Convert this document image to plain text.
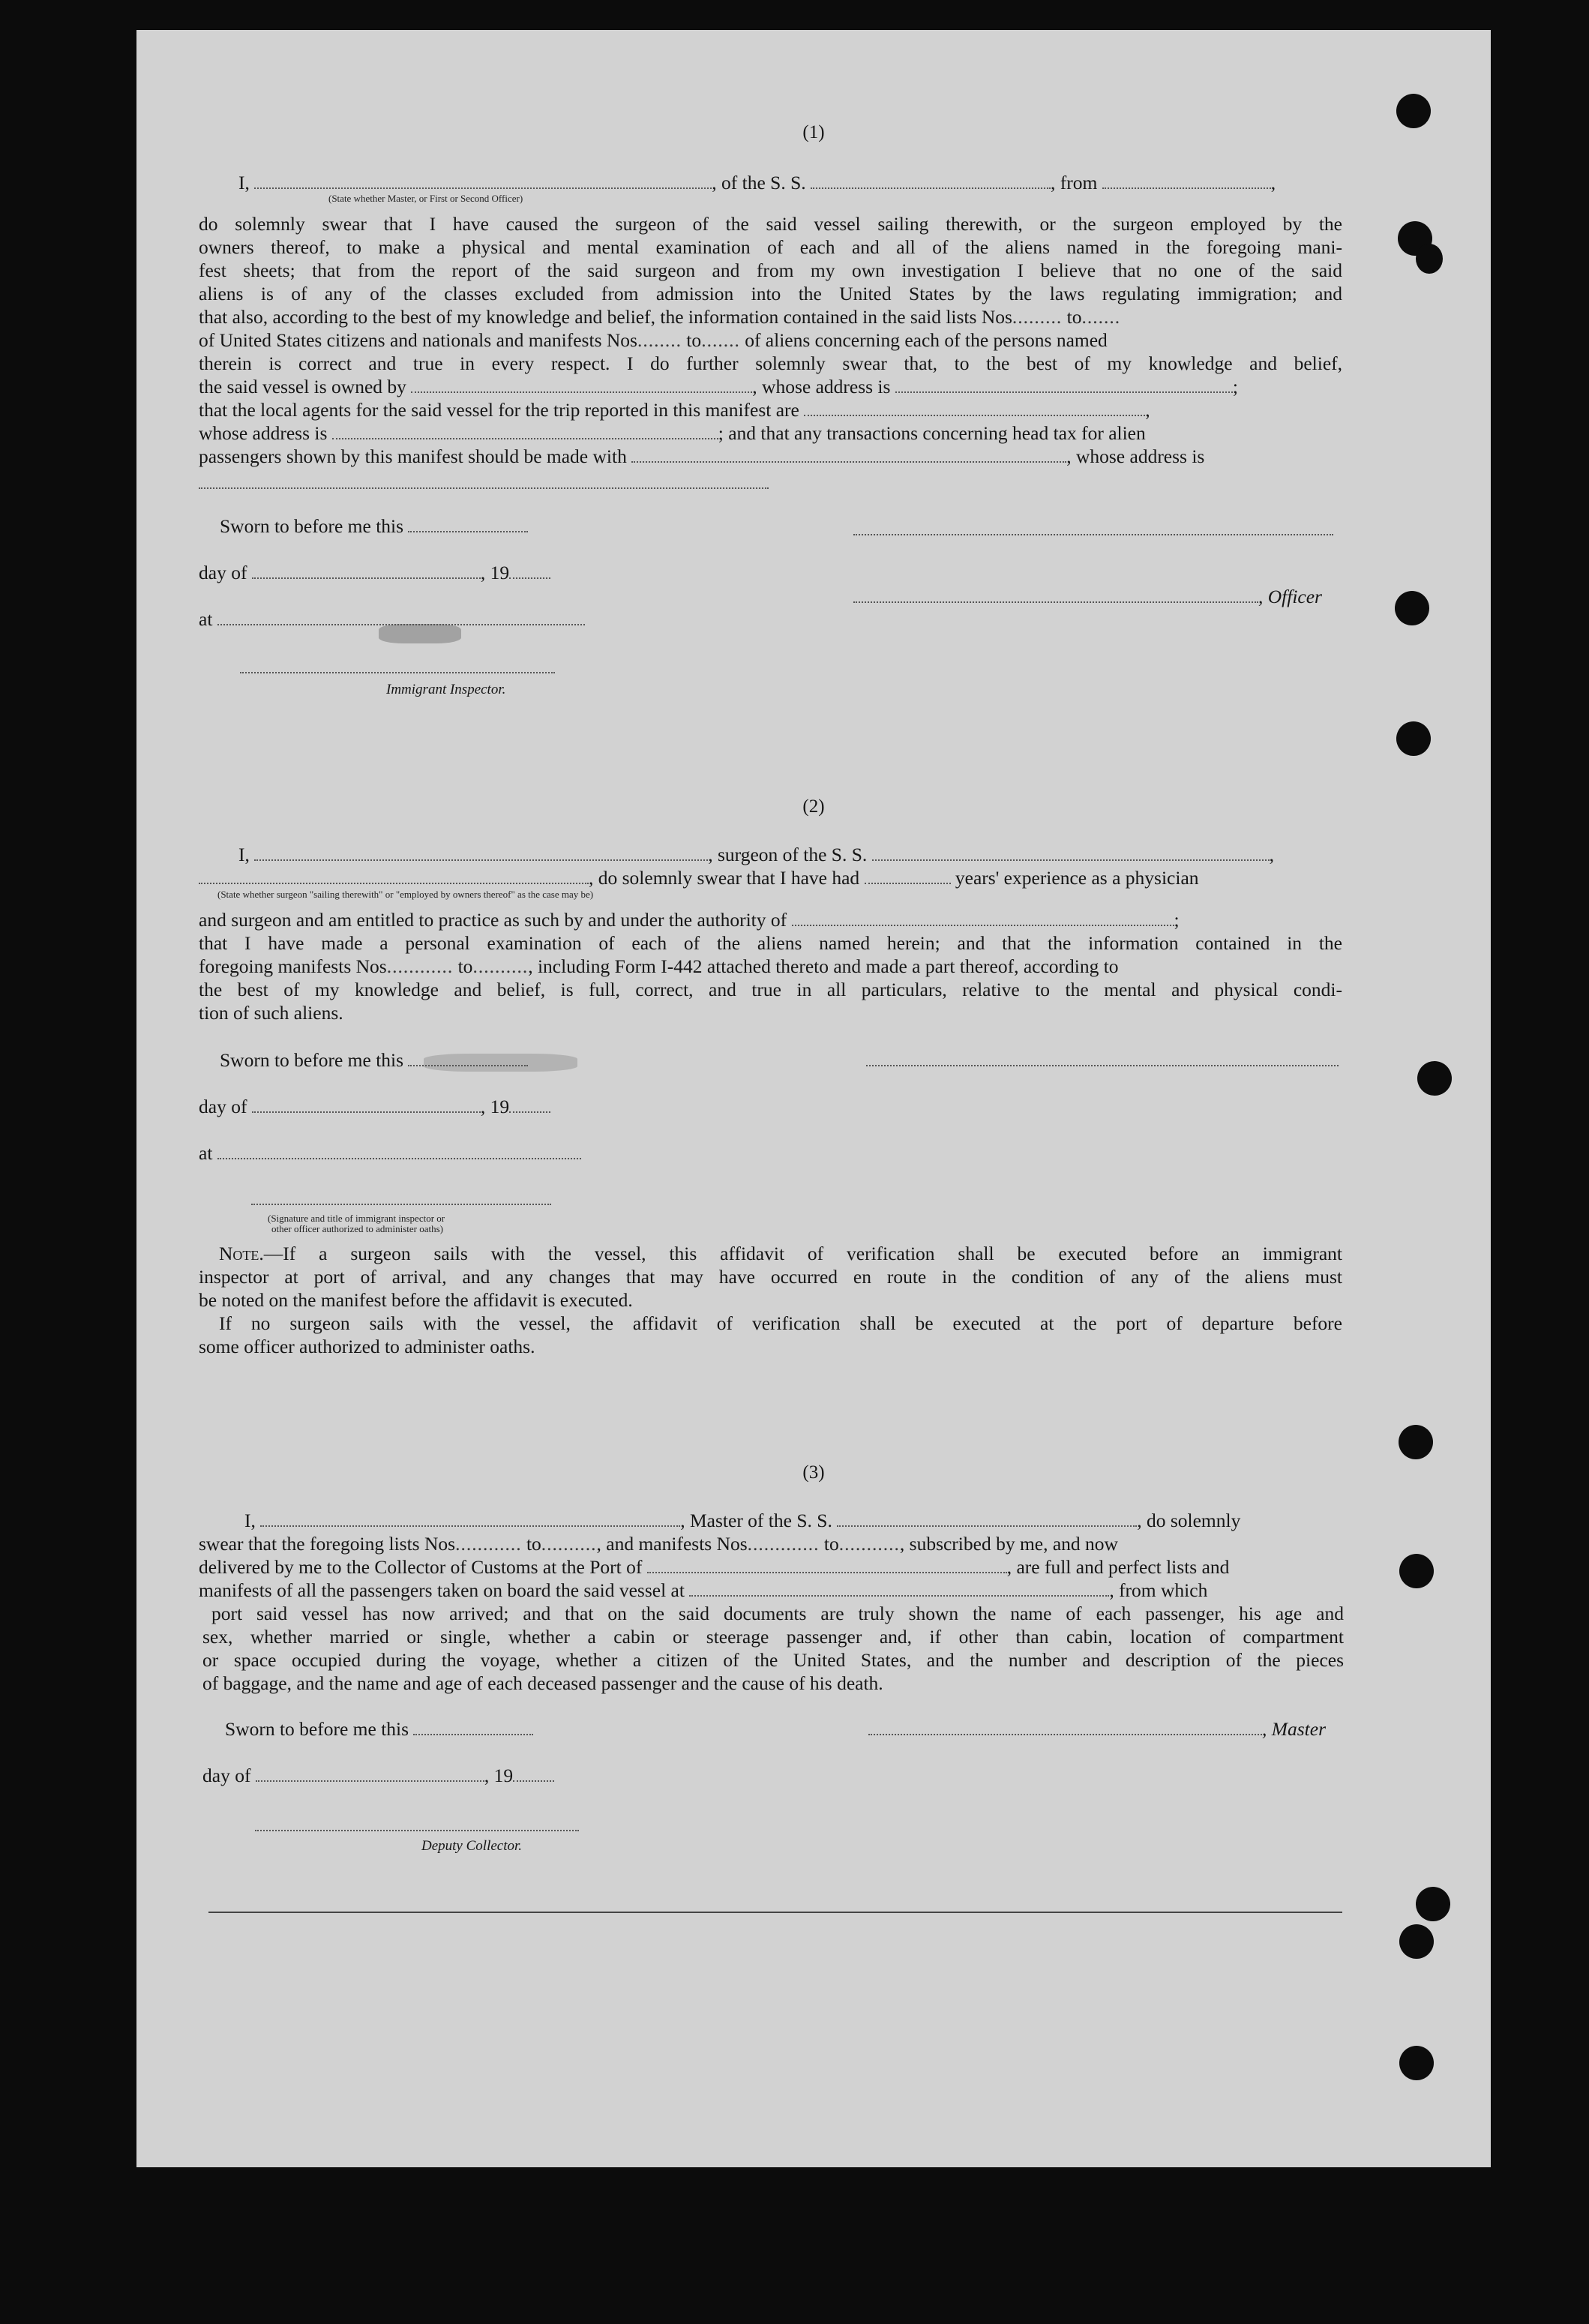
(1)
I,	, of the S. S.	, from	,
(State whether Master, or First or Second Officer)
do solemnly swear that I have caused the surgeon of the said vessel sailing therewith, or the surgeon employed by the
owners thereof, to make a physical and mental examination of each and all of the aliens named in the foregoing mani-
fest sheets; that from the report of the said surgeon and from my own investigation I believe that no one of the said
aliens is of any of the classes excluded from admission into the United States by the laws regulating immigration; and
that also, according to the best of my knowledge and belief, the information contained in the said lists Nos......... to.......
of United States citizens and nationals and manifests Nos........ to....... of aliens concerning each of the persons named
therein is correct and true in every respect. I do further solemnly swear that, to the best of my knowledge and belief,
the said vessel is owned by	, whose address is	;
that the local agents for the said vessel for the trip reported in this manifest are	,
whose address is	; and that any transactions concerning head tax for alien
passengers shown by this manifest should be made with	, whose address is
Sworn to before me this
day of	, 19
, Officer
at
Immigrant Inspector.
(2)
I,	, surgeon of the S. S.	,
, do solemnly swear that I have had	years' experience as a physician
(State whether surgeon "sailing therewith" or "employed by owners thereof" as the case may be)
and surgeon and am entitled to practice as such by and under the authority of	;
that I have made a personal examination of each of the aliens named herein; and that the information contained in the
foregoing manifests Nos............ to.........., including Form I-442 attached thereto and made a part thereof, according to
the best of my knowledge and belief, is full, correct, and true in all particulars, relative to the mental and physical condi-
tion of such aliens.
Sworn to before me this
day of	, 19
at
(Signature and title of immigrant inspector or
other officer authorized to administer oaths)
Note.—If a surgeon sails with the vessel, this affidavit of verification shall be executed before an immigrant
inspector at port of arrival, and any changes that may have occurred en route in the condition of any of the aliens must
be noted on the manifest before the affidavit is executed.
If no surgeon sails with the vessel, the affidavit of verification shall be executed at the port of departure before
some officer authorized to administer oaths.
(3)
I,	, Master of the S. S.	, do solemnly
swear that the foregoing lists Nos............ to.........., and manifests Nos............. to..........., subscribed by me, and now
delivered by me to the Collector of Customs at the Port of	, are full and perfect lists and
manifests of all the passengers taken on board the said vessel at	, from which
port said vessel has now arrived; and that on the said documents are truly shown the name of each passenger, his age and
sex, whether married or single, whether a cabin or steerage passenger and, if other than cabin, location of compartment
or space occupied during the voyage, whether a citizen of the United States, and the number and description of the pieces
of baggage, and the name and age of each deceased passenger and the cause of his death.
Sworn to before me this	, Master
day of	, 19
Deputy Collector.
